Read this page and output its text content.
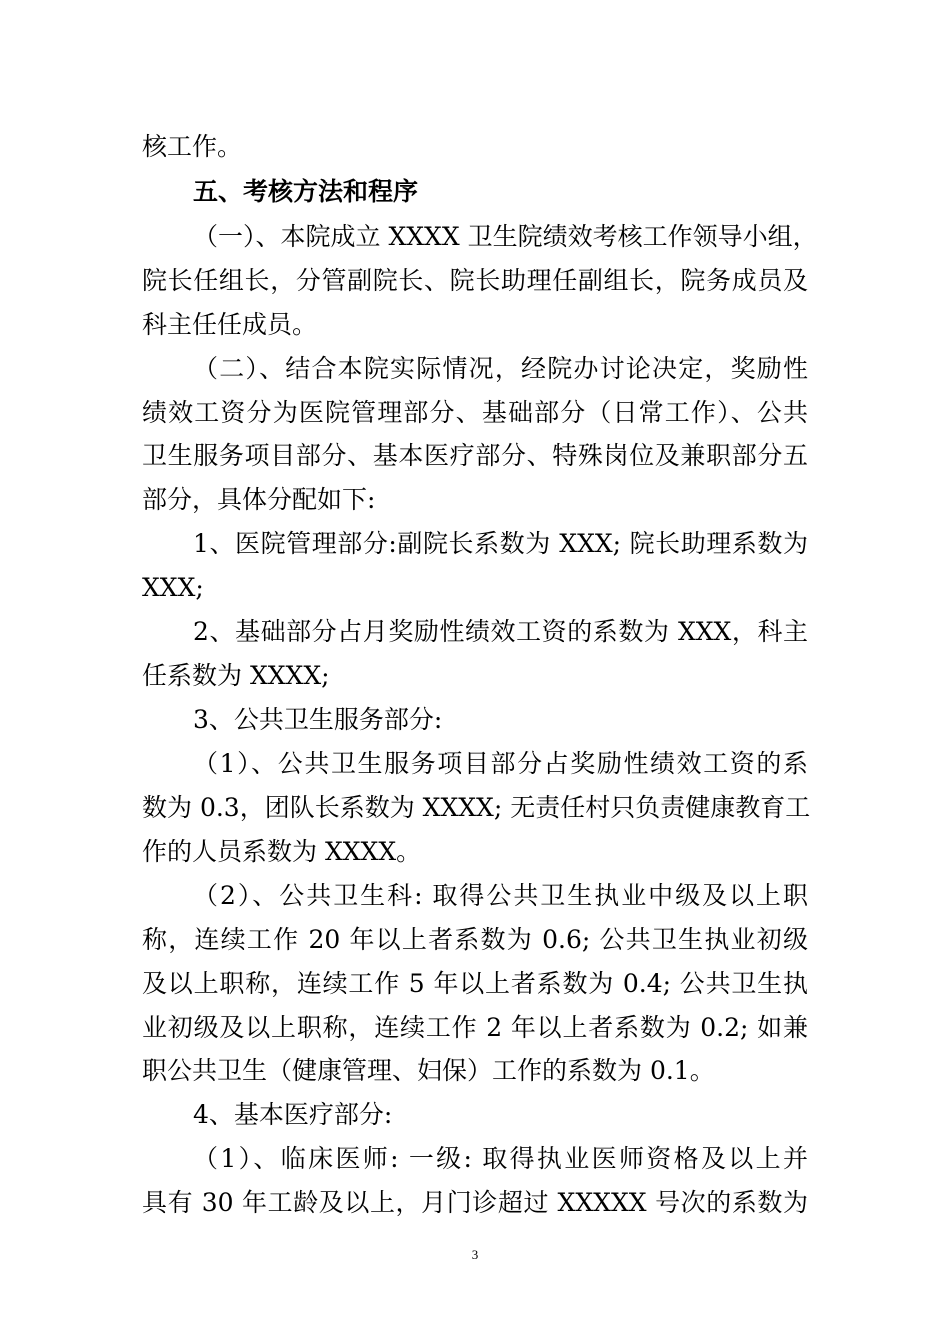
核工作。
五、考核方法和程序
（一）、本院成立 XXXX 卫生院绩效考核工作领导小组，
院长任组长，分管副院长、院长助理任副组长，院务成员及
科主任任成员。
（二）、结合本院实际情况，经院办讨论决定，奖励性
绩效工资分为医院管理部分、基础部分（日常工作）、公共
卫生服务项目部分、基本医疗部分、特殊岗位及兼职部分五
部分，具体分配如下:
1、医院管理部分:副院长系数为 XXX; 院长助理系数为
XXX;
2、基础部分占月奖励性绩效工资的系数为 XXX，科主
任系数为 XXXX;
3、公共卫生服务部分:
（1）、公共卫生服务项目部分占奖励性绩效工资的系
数为 0.3，团队长系数为 XXXX; 无责任村只负责健康教育工
作的人员系数为 XXXX。
（2）、公共卫生科: 取得公共卫生执业中级及以上职
称，连续工作 20 年以上者系数为 0.6; 公共卫生执业初级
及以上职称，连续工作 5 年以上者系数为 0.4; 公共卫生执
业初级及以上职称，连续工作 2 年以上者系数为 0.2; 如兼
职公共卫生（健康管理、妇保）工作的系数为 0.1。
4、基本医疗部分:
（1）、临床医师: 一级: 取得执业医师资格及以上并
具有 30 年工龄及以上，月门诊超过 XXXXX 号次的系数为
3
